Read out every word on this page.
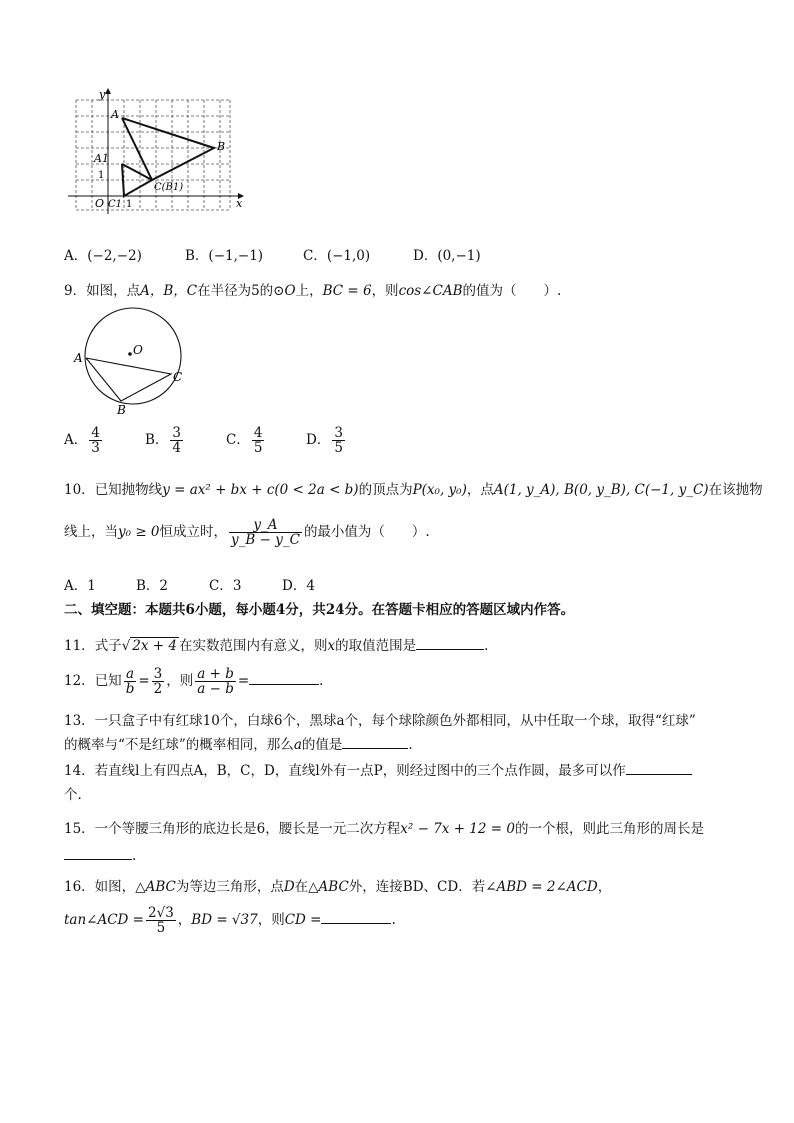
y
x
O
A
A1
B
C1
C(B1)
1
1
A．(−2,−2)	B．(−1,−1)	C．(−1,0)	D．(0,−1)
9．如图，点A，B，C在半径为5的⊙O上，BC = 6，则cos∠CAB的值为（　　）.
A
B
C
O
A． $\frac{4}{3}$	B． $\frac{3}{4}$	C． $\frac{4}{5}$	D． $\frac{3}{5}$
10．已知抛物线y = ax² + bx + c(0 < 2a < b)的顶点为P(x₀, y₀)，点A(1, y_A), B(0, y_B), C(−1, y_C)在该抛物
线上，当y₀ ≥ 0恒成立时， $\frac{y\_A}{y\_B - y\_C}$ 的最小值为（　　）.
A．1	B．2	C．3	D．4
二、填空题：本题共6小题，每小题4分，共24分。在答题卡相应的答题区域内作答。
11．式子√ 2x + 4 在实数范围内有意义，则x的取值范围是	.
12．已知 $\frac{a}{b} = \frac{3}{2}$ ，则 $\frac{a + b}{a - b}$ =	.
13．一只盒子中有红球10个，白球6个，黑球a个，每个球除颜色外都相同，从中任取一个球，取得“红球”
的概率与“不是红球”的概率相同，那么a的值是	.
14．若直线l上有四点A，B，C，D，直线l外有一点P，则经过图中的三个点作圆，最多可以作
个.
15．一个等腰三角形的底边长是6，腰长是一元二次方程x² − 7x + 12 = 0的一个根，则此三角形的周长是
.
16．如图，△ABC为等边三角形，点D在△ABC外，连接BD、CD．若∠ABD = 2∠ACD，
tan∠ACD = $\frac{2√3}{5}$ ，BD = √37，则CD =	.
